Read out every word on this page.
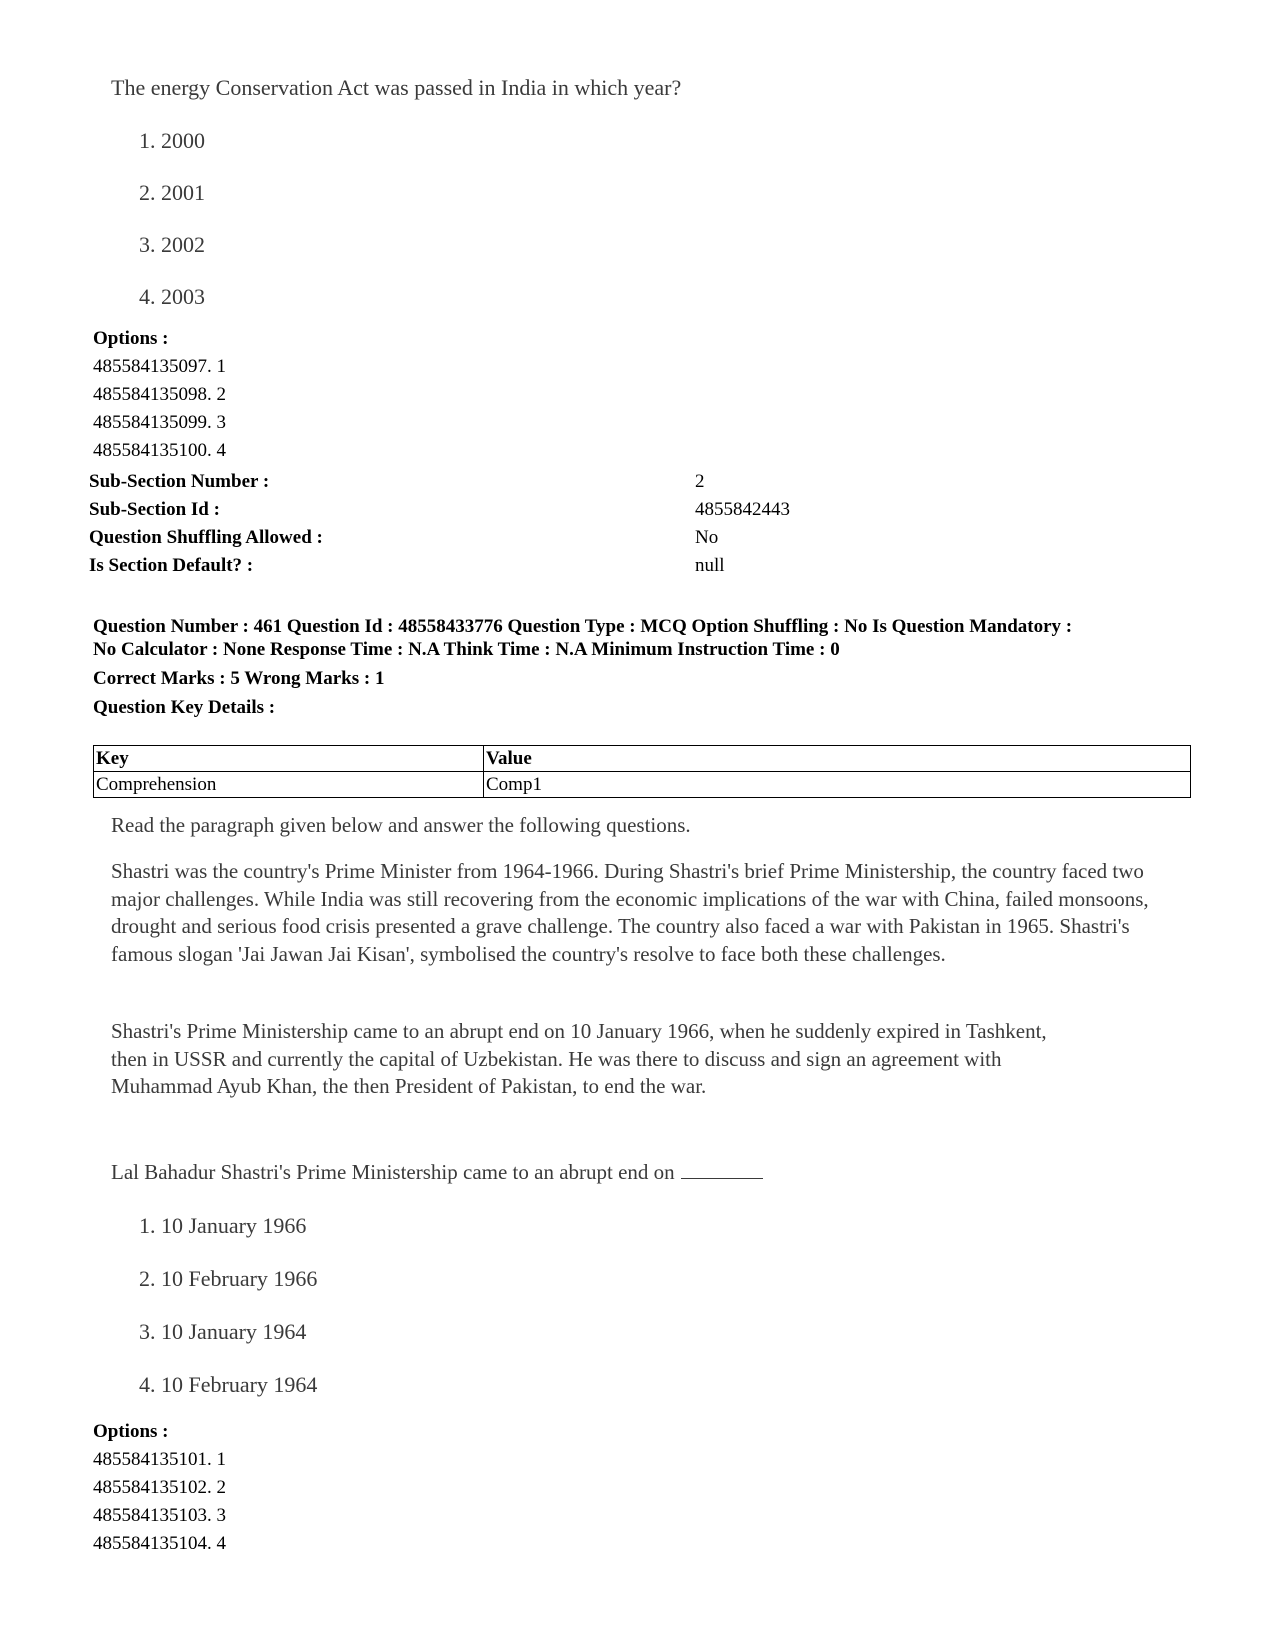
The energy Conservation Act was passed in India in which year?
1. 2000
2. 2001
3. 2002
4. 2003
Options :
485584135097. 1
485584135098. 2
485584135099. 3
485584135100. 4
Sub-Section Number :	2
Sub-Section Id :	4855842443
Question Shuffling Allowed :	No
Is Section Default? :	null
Question Number : 461 Question Id : 48558433776 Question Type : MCQ Option Shuffling : No Is Question Mandatory :
No Calculator : None Response Time : N.A Think Time : N.A Minimum Instruction Time : 0
Correct Marks : 5 Wrong Marks : 1
Question Key Details :
Key	Value
Comprehension	Comp1
Read the paragraph given below and answer the following questions.
Shastri was the country's Prime Minister from 1964-1966. During Shastri's brief Prime Ministership, the country faced two major challenges. While India was still recovering from the economic implications of the war with China, failed monsoons, drought and serious food crisis presented a grave challenge. The country also faced a war with Pakistan in 1965. Shastri's famous slogan 'Jai Jawan Jai Kisan', symbolised the country's resolve to face both these challenges.
Shastri's Prime Ministership came to an abrupt end on 10 January 1966, when he suddenly expired in Tashkent, then in USSR and currently the capital of Uzbekistan. He was there to discuss and sign an agreement with Muhammad Ayub Khan, the then President of Pakistan, to end the war.
Lal Bahadur Shastri's Prime Ministership came to an abrupt end on
1. 10 January 1966
2. 10 February 1966
3. 10 January 1964
4. 10 February 1964
Options :
485584135101. 1
485584135102. 2
485584135103. 3
485584135104. 4
